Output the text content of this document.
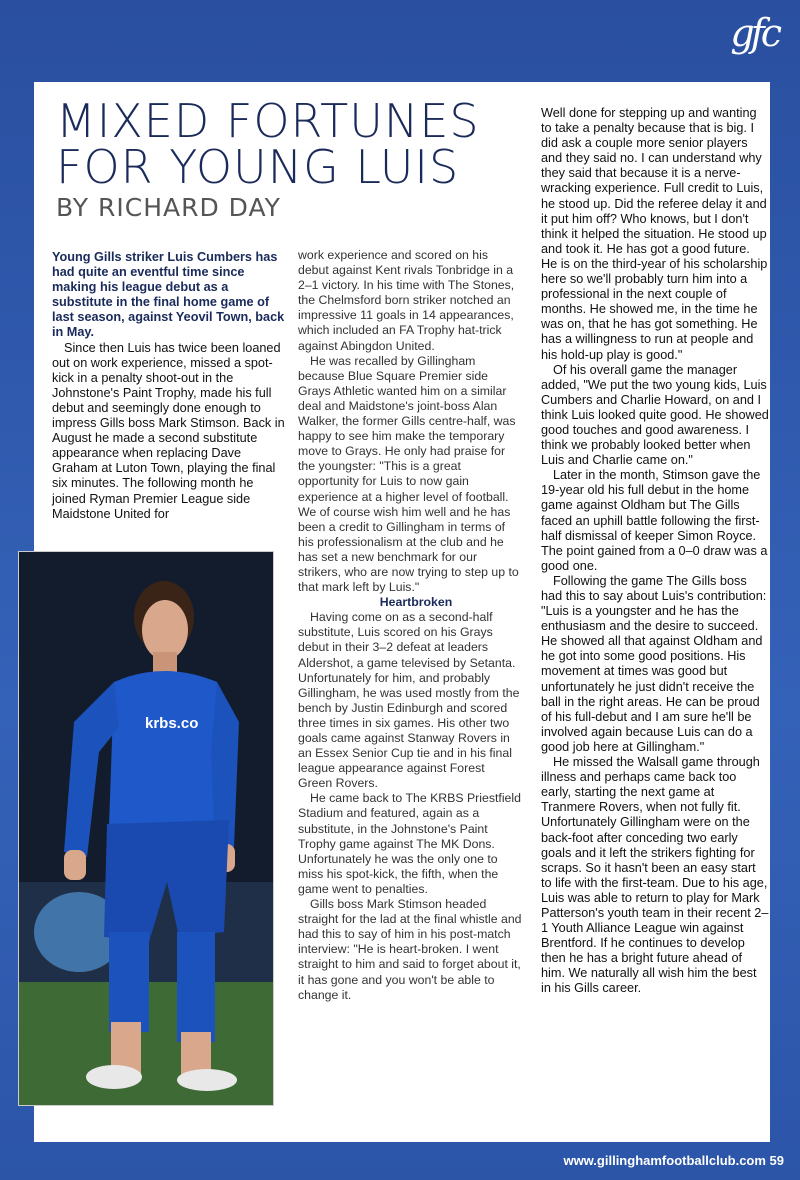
gfc
MIXED FORTUNES FOR YOUNG LUIS
BY RICHARD DAY

Young Gills striker Luis Cumbers has had quite an eventful time since making his league debut as a substitute in the final home game of last season, against Yeovil Town, back in May.

Since then Luis has twice been loaned out on work experience, missed a spot-kick in a penalty shoot-out in the Johnstone's Paint Trophy, made his full debut and seemingly done enough to impress Gills boss Mark Stimson. Back in August he made a second substitute appearance when replacing Dave Graham at Luton Town, playing the final six minutes. The following month he joined Ryman Premier League side Maidstone United for

krbs.co

work experience and scored on his debut against Kent rivals Tonbridge in a 2–1 victory. In his time with The Stones, the Chelmsford born striker notched an impressive 11 goals in 14 appearances, which included an FA Trophy hat-trick against Abingdon United.

He was recalled by Gillingham because Blue Square Premier side Grays Athletic wanted him on a similar deal and Maidstone's joint-boss Alan Walker, the former Gills centre-half, was happy to see him make the temporary move to Grays. He only had praise for the youngster: "This is a great opportunity for Luis to now gain experience at a higher level of football. We of course wish him well and he has been a credit to Gillingham in terms of his professionalism at the club and he has set a new benchmark for our strikers, who are now trying to step up to that mark left by Luis."

Heartbroken

Having come on as a second-half substitute, Luis scored on his Grays debut in their 3–2 defeat at leaders Aldershot, a game televised by Setanta. Unfortunately for him, and probably Gillingham, he was used mostly from the bench by Justin Edinburgh and scored three times in six games. His other two goals came against Stanway Rovers in an Essex Senior Cup tie and in his final league appearance against Forest Green Rovers.

He came back to The KRBS Priestfield Stadium and featured, again as a substitute, in the Johnstone's Paint Trophy game against The MK Dons. Unfortunately he was the only one to miss his spot-kick, the fifth, when the game went to penalties.

Gills boss Mark Stimson headed straight for the lad at the final whistle and had this to say of him in his post-match interview: "He is heart-broken. I went straight to him and said to forget about it, it has gone and you won't be able to change it.

Well done for stepping up and wanting to take a penalty because that is big. I did ask a couple more senior players and they said no. I can understand why they said that because it is a nerve-wracking experience. Full credit to Luis, he stood up. Did the referee delay it and it put him off? Who knows, but I don't think it helped the situation. He stood up and took it. He has got a good future. He is on the third-year of his scholarship here so we'll probably turn him into a professional in the next couple of months. He showed me, in the time he was on, that he has got something. He has a willingness to run at people and his hold-up play is good."

Of his overall game the manager added, "We put the two young kids, Luis Cumbers and Charlie Howard, on and I think Luis looked quite good. He showed good touches and good awareness. I think we probably looked better when Luis and Charlie came on."

Later in the month, Stimson gave the 19-year old his full debut in the home game against Oldham but The Gills faced an uphill battle following the first-half dismissal of keeper Simon Royce. The point gained from a 0–0 draw was a good one.

Following the game The Gills boss had this to say about Luis's contribution: "Luis is a youngster and he has the enthusiasm and the desire to succeed. He showed all that against Oldham and he got into some good positions. His movement at times was good but unfortunately he just didn't receive the ball in the right areas. He can be proud of his full-debut and I am sure he'll be involved again because Luis can do a good job here at Gillingham."

He missed the Walsall game through illness and perhaps came back too early, starting the next game at Tranmere Rovers, when not fully fit. Unfortunately Gillingham were on the back-foot after conceding two early goals and it left the strikers fighting for scraps. So it hasn't been an easy start to life with the first-team. Due to his age, Luis was able to return to play for Mark Patterson's youth team in their recent 2–1 Youth Alliance League win against Brentford. If he continues to develop then he has a bright future ahead of him. We naturally all wish him the best in his Gills career.

www.gillinghamfootballclub.com 59
